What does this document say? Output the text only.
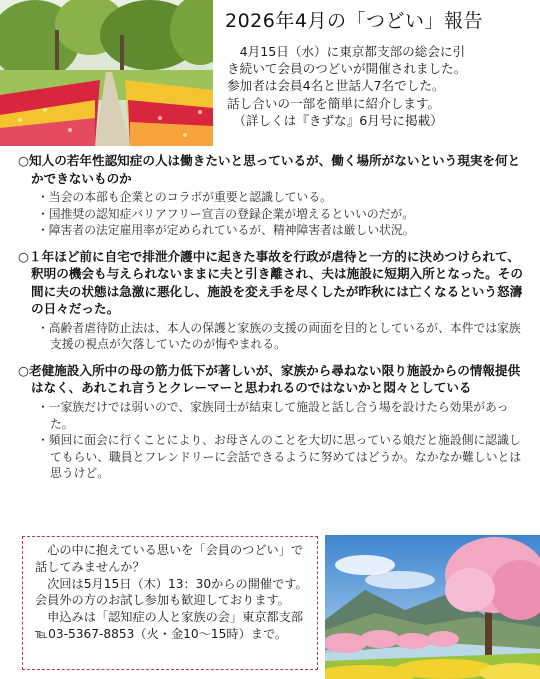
2026年4月の「つどい」報告

　4月15日（水）に東京都支部の総会に引

き続いて会員のつどいが開催されました。

参加者は会員4名と世話人7名でした。

話し合いの一部を簡単に紹介します。

　（詳しくは『きずな』6月号に掲載）

○知人の若年性認知症の人は働きたいと思っているが、働く場所がないという現実を何とかできないものか
・当会の本部も企業とのコラボが重要と認識している。
・国推奨の認知症バリアフリー宣言の登録企業が増えるといいのだが。
・障害者の法定雇用率が定められているが、精神障害者は厳しい状況。
○１年ほど前に自宅で排泄介護中に起きた事故を行政が虐待と一方的に決めつけられて、釈明の機会も与えられないままに夫と引き離され、夫は施設に短期入所となった。その間に夫の状態は急激に悪化し、施設を変え手を尽くしたが昨秋には亡くなるという怒濤の日々だった。
・高齢者虐待防止法は、本人の保護と家族の支援の両面を目的としているが、本件では家族支援の視点が欠落していたのが悔やまれる。
○老健施設入所中の母の筋力低下が著しいが、家族から尋ねない限り施設からの情報提供はなく、あれこれ言うとクレーマーと思われるのではないかと悶々としている
・一家族だけでは弱いので、家族同士が結束して施設と話し合う場を設けたら効果があった。
・頻回に面会に行くことにより、お母さんのことを大切に思っている娘だと施設側に認識してもらい、職員とフレンドリーに会話できるように努めてはどうか。なかなか難しいとは思うけど。

　心の中に抱えている思いを「会員のつどい」で話してみませんか？

　次回は5月15日（木）13：30からの開催です。会員外の方のお試し参加も歓迎しております。

　申込みは「認知症の人と家族の会」東京都支部　℡03-5367-8853（火・金10〜15時）まで。
